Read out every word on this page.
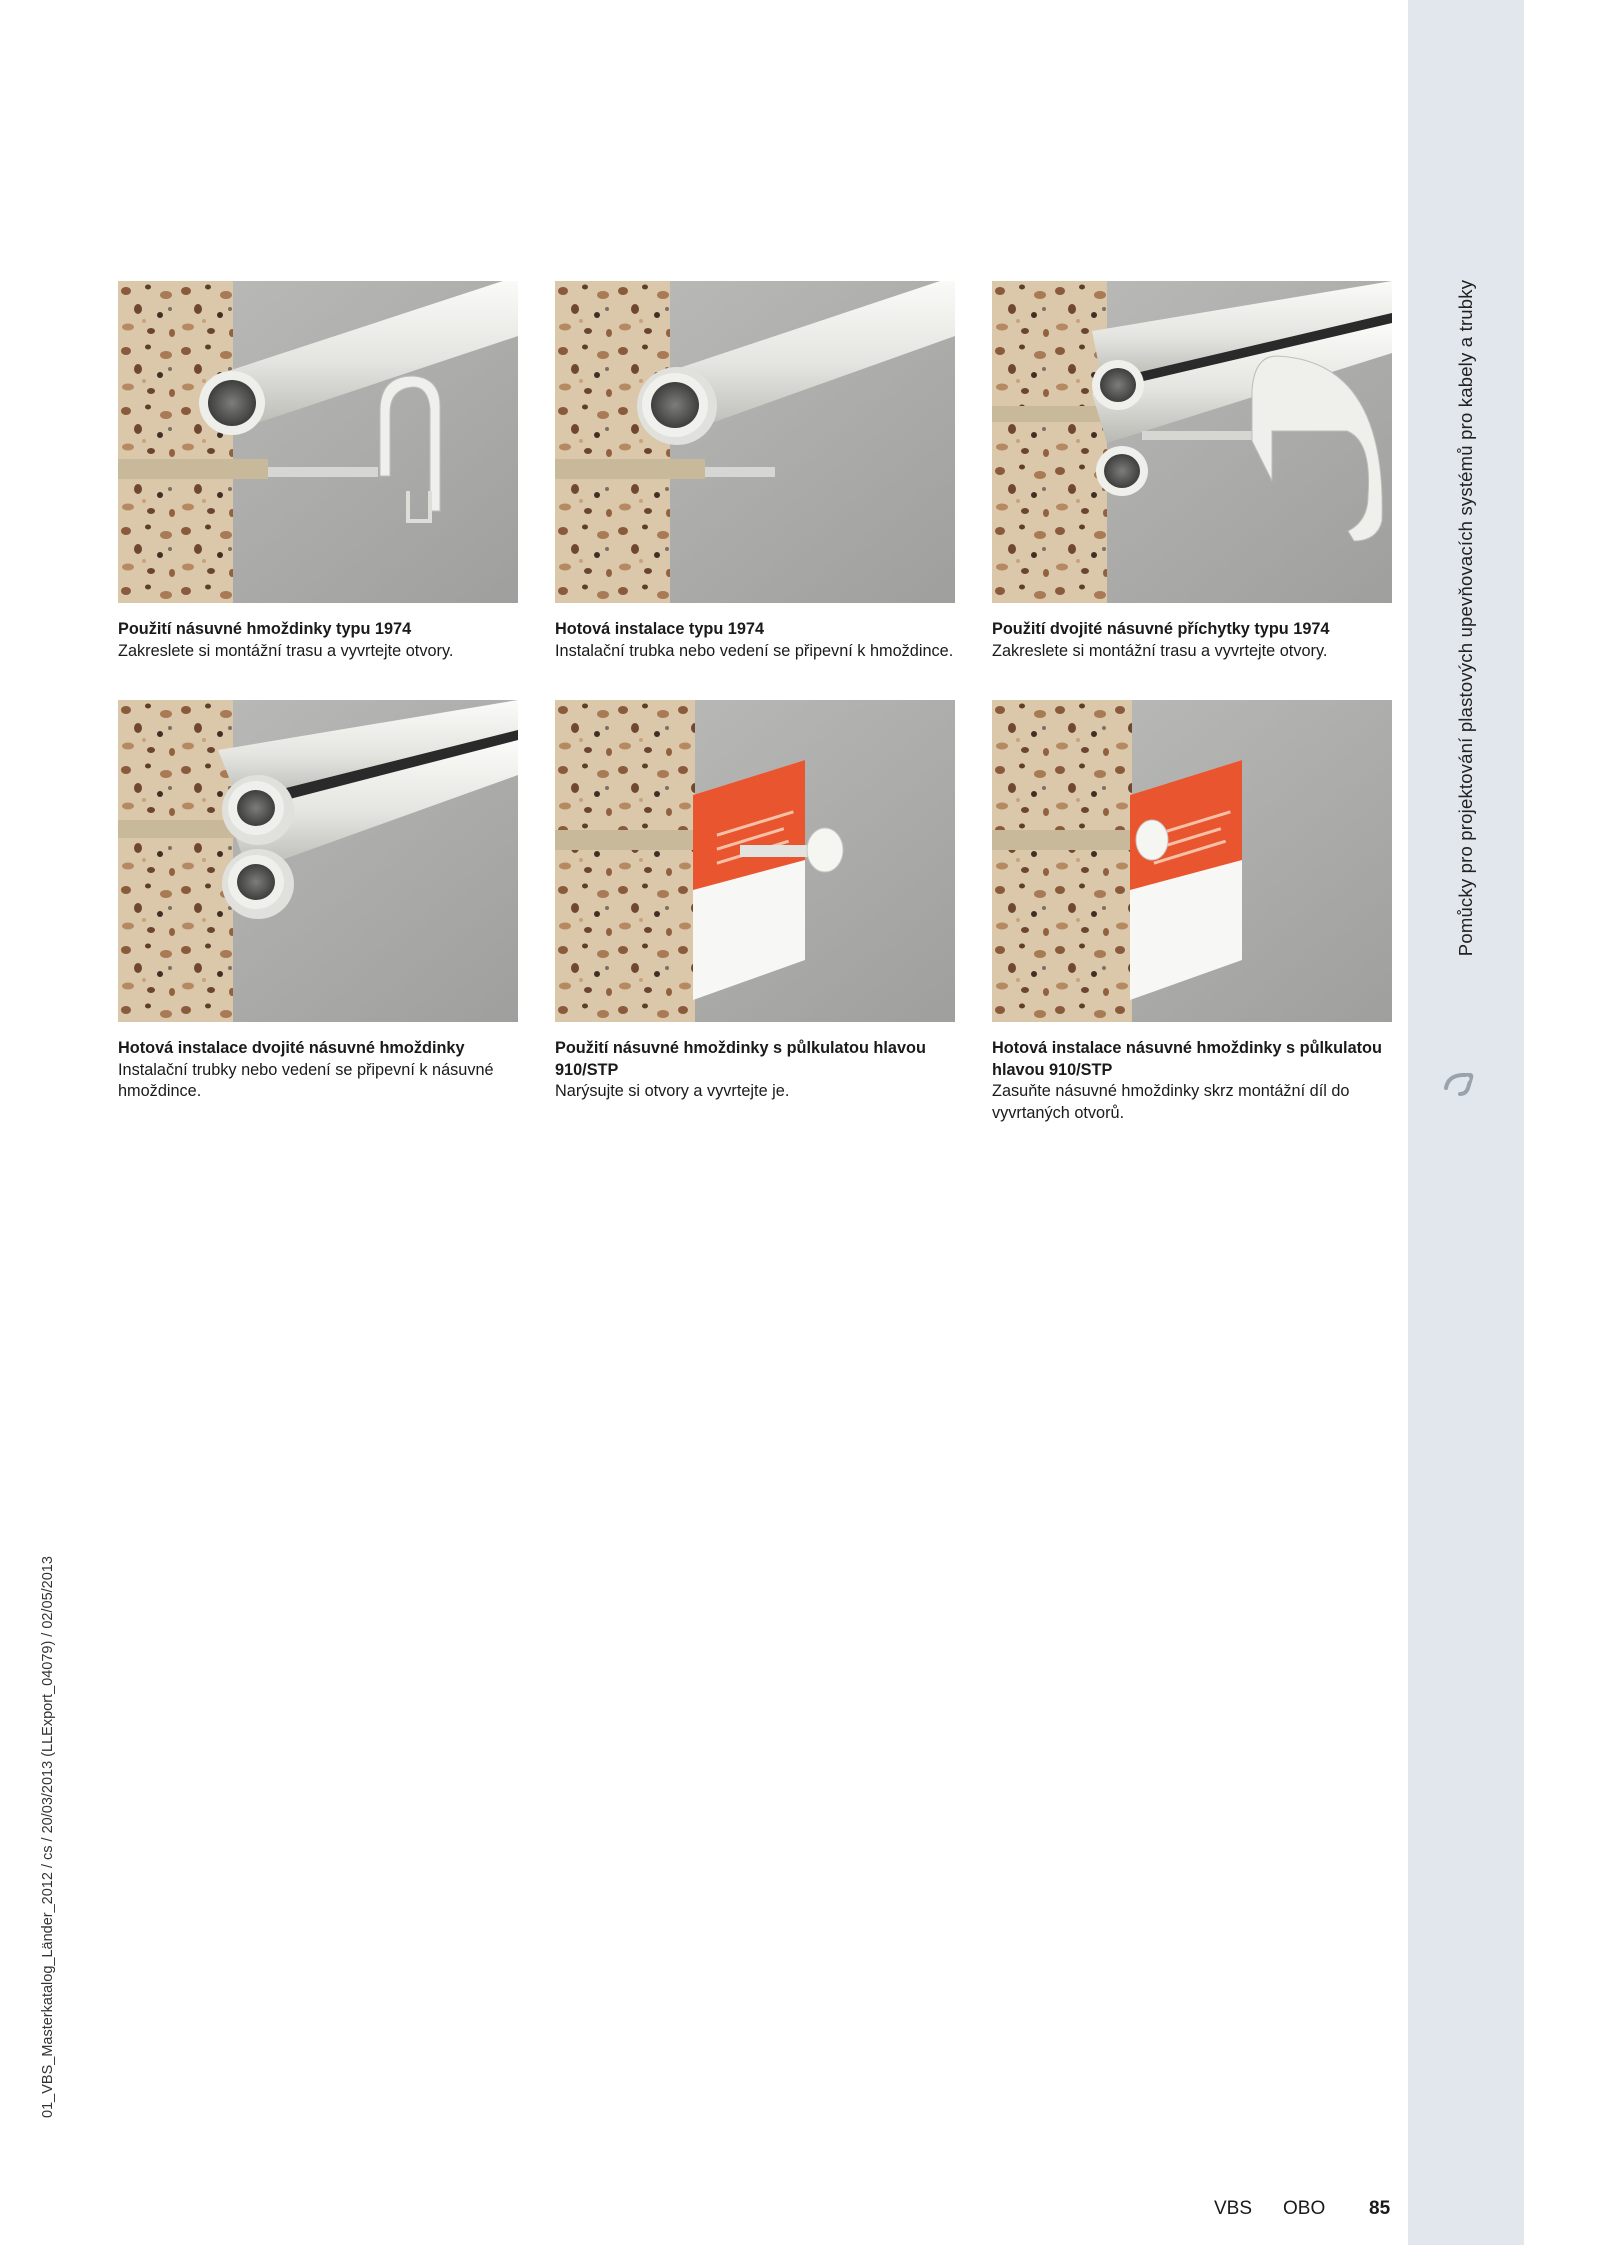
Pomůcky pro projektování plastových upevňovacích systémů pro kabely a trubky
01_VBS_Masterkatalog_Länder_2012 / cs / 20/03/2013 (LLExport_04079) / 02/05/2013
Použití násuvné hmoždinky typu 1974
Zakreslete si montážní trasu a vyvrtejte otvory.
Hotová instalace typu 1974
Instalační trubka nebo vedení se připevní k hmoždince.
Použití dvojité násuvné příchytky typu 1974
Zakreslete si montážní trasu a vyvrtejte otvory.
Hotová instalace dvojité násuvné hmoždinky
Instalační trubky nebo vedení se připevní k násuvné hmoždince.
Použití násuvné hmoždinky s půlkulatou hlavou 910/STP
Narýsujte si otvory a vyvrtejte je.
Hotová instalace násuvné hmoždinky s půlkulatou hlavou 910/STP
Zasuňte násuvné hmoždinky skrz montážní díl do vyvrtaných otvorů.
VBS OBO 85
